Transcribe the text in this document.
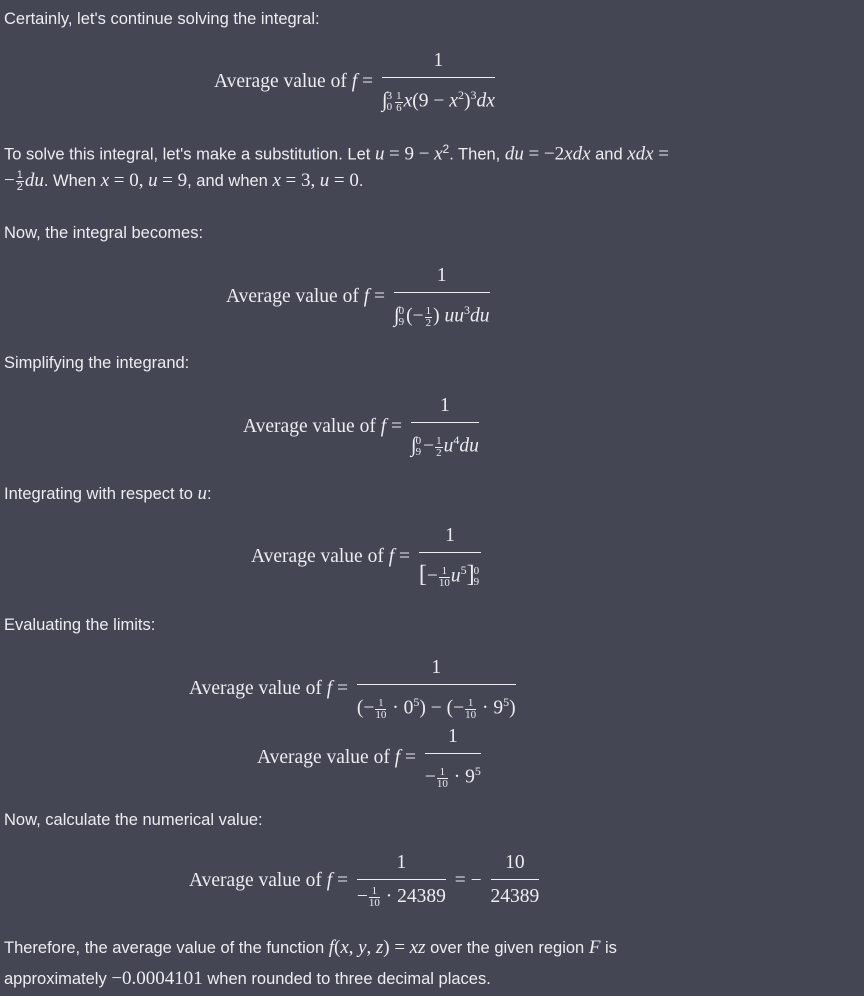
Certainly, let's continue solving the integral:
Average value of f = 1
∫ 3
$0 \frac{1}{6} x(9 - x^2)^3dx$
To solve this integral, let's make a substitution. Let $u = 9 - x^2$. Then, du = −2xdx and xdx =
− $\frac{1}{2}$ du. When x = 0, u = 9, and when x = 3, u = 0.
Now, the integral becomes:
Average value of f = 1
∫ 0
9 (− $\frac{1}{2}$ ) $uu^3du$
Simplifying the integrand:
Average value of f = 1
∫ 0
$9 - \frac{1}{2} u^4du$
Integrating with respect to u:
Average value of f = 1
[− $\frac{1}{10} u^5$] 0
9
Evaluating the limits:
Average value of $f = \frac{1}{(- \frac{1}{10} \cdot 0^5) - (- \frac{1}{10} \cdot 9^5)}$
Average value of $f = \frac{1}{- \frac{1}{10} \cdot 9^5}$
Now, calculate the numerical value:
Average value of $f = \frac{1}{- \frac{1}{10} \cdot 24389}$ = − $\frac{10}{24389}$
Therefore, the average value of the function f(x, y, z) = xz over the given region F is
approximately −0.0004101 when rounded to three decimal places.
